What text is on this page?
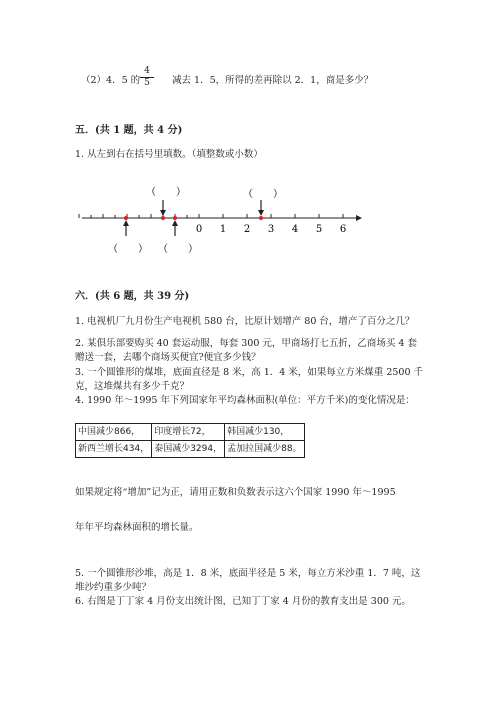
（2）4．5 的 $\frac{4}{5}$ 减去 1．5，所得的差再除以 2．1，商是多少？
五．(共 1 题，共 4 分)
1. 从左到右在括号里填数。（填整数或小数）
0 1 2 3 4 5 6
（　　）	（　　）
（　　） （　　）
六．(共 6 题，共 39 分)
1. 电视机厂九月份生产电视机 580 台，比原计划增产 80 台，增产了百分之几？
2. 某俱乐部要购买 40 套运动服，每套 300 元，甲商场打七五折，乙商场买 4 套
赠送一套，去哪个商场买便宜?便宜多少钱？
3. 一个圆锥形的煤堆，底面直径是 8 米，高 1．4 米，如果每立方米煤重 2500 千
克，这堆煤共有多少千克？
4. 1990 年～1995 年下列国家年平均森林面积(单位：平方千米)的变化情况是：
中国减少866，	印度增长72，	韩国减少130，
新西兰增长434，	泰国减少3294，	孟加拉国减少88。
如果规定将“增加”记为正，请用正数和负数表示这六个国家 1990 年～1995
年年平均森林面积的增长量。
5. 一个圆锥形沙堆，高是 1．8 米，底面半径是 5 米，每立方米沙重 1．7 吨，这
堆沙约重多少吨？
6. 右图是丁丁家 4 月份支出统计图，已知丁丁家 4 月份的教育支出是 300 元。
